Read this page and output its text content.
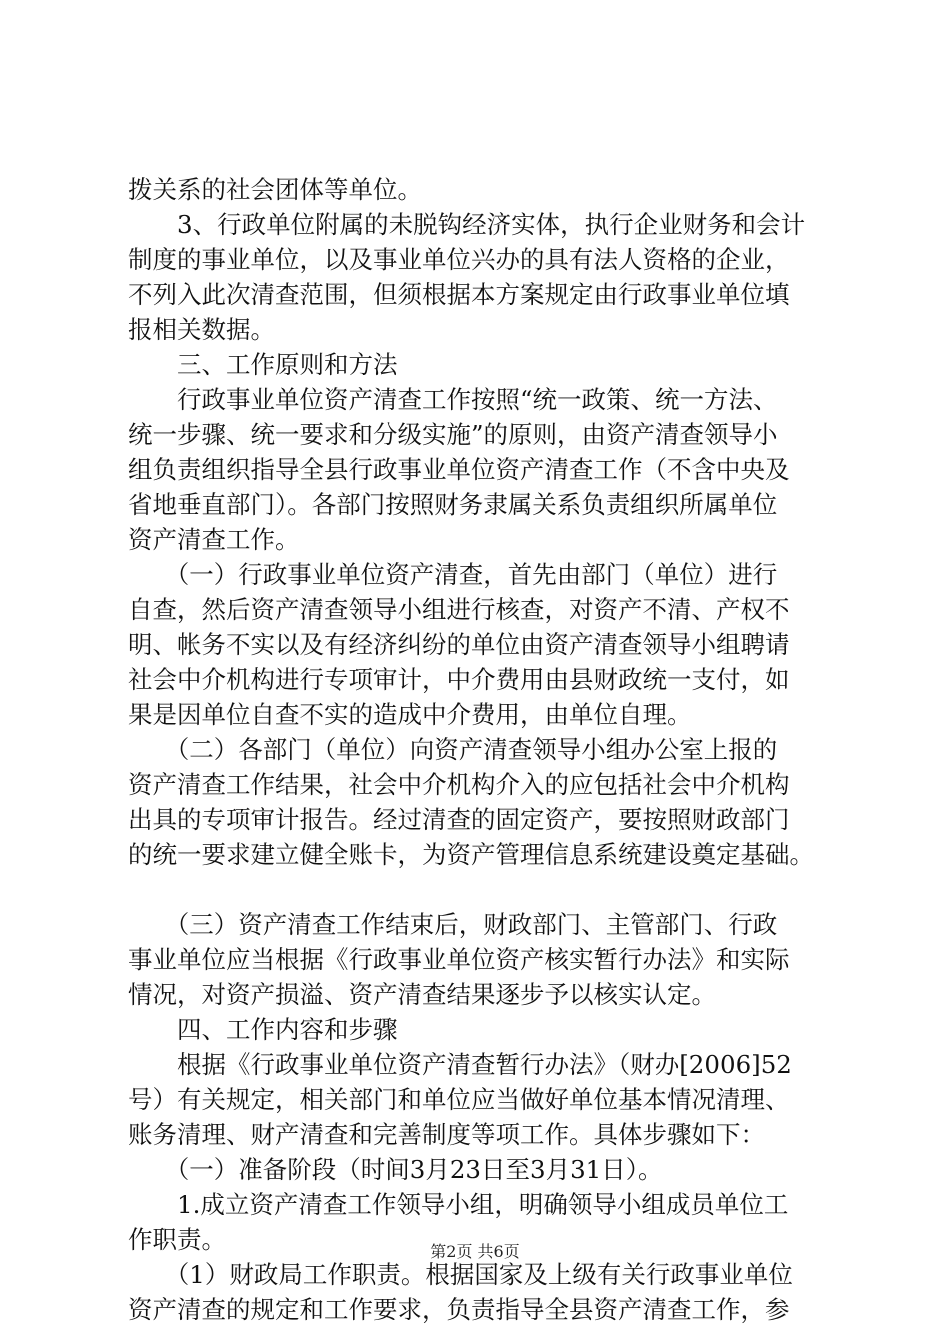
拨关系的社会团体等单位。
　　3、行政单位附属的未脱钩经济实体，执行企业财务和会计
制度的事业单位，以及事业单位兴办的具有法人资格的企业，
不列入此次清查范围，但须根据本方案规定由行政事业单位填
报相关数据。
　　三、工作原则和方法
　　行政事业单位资产清查工作按照“统一政策、统一方法、
统一步骤、统一要求和分级实施”的原则，由资产清查领导小
组负责组织指导全县行政事业单位资产清查工作（不含中央及
省地垂直部门）。各部门按照财务隶属关系负责组织所属单位
资产清查工作。
　　（一）行政事业单位资产清查，首先由部门（单位）进行
自查，然后资产清查领导小组进行核查，对资产不清、产权不
明、帐务不实以及有经济纠纷的单位由资产清查领导小组聘请
社会中介机构进行专项审计，中介费用由县财政统一支付，如
果是因单位自查不实的造成中介费用，由单位自理。
　　（二）各部门（单位）向资产清查领导小组办公室上报的
资产清查工作结果，社会中介机构介入的应包括社会中介机构
出具的专项审计报告。经过清查的固定资产，要按照财政部门
的统一要求建立健全账卡，为资产管理信息系统建设奠定基础。
　　（三）资产清查工作结束后，财政部门、主管部门、行政
事业单位应当根据《行政事业单位资产核实暂行办法》和实际
情况，对资产损溢、资产清查结果逐步予以核实认定。
　　四、工作内容和步骤
　　根据《行政事业单位资产清查暂行办法》（财办[2006]52
号）有关规定，相关部门和单位应当做好单位基本情况清理、
账务清理、财产清查和完善制度等项工作。具体步骤如下：
　　（一）准备阶段（时间3月23日至3月31日）。
　　1.成立资产清查工作领导小组，明确领导小组成员单位工
作职责。
　　（1）财政局工作职责。根据国家及上级有关行政事业单位
资产清查的规定和工作要求，负责指导全县资产清查工作，参
第2页 共6页
